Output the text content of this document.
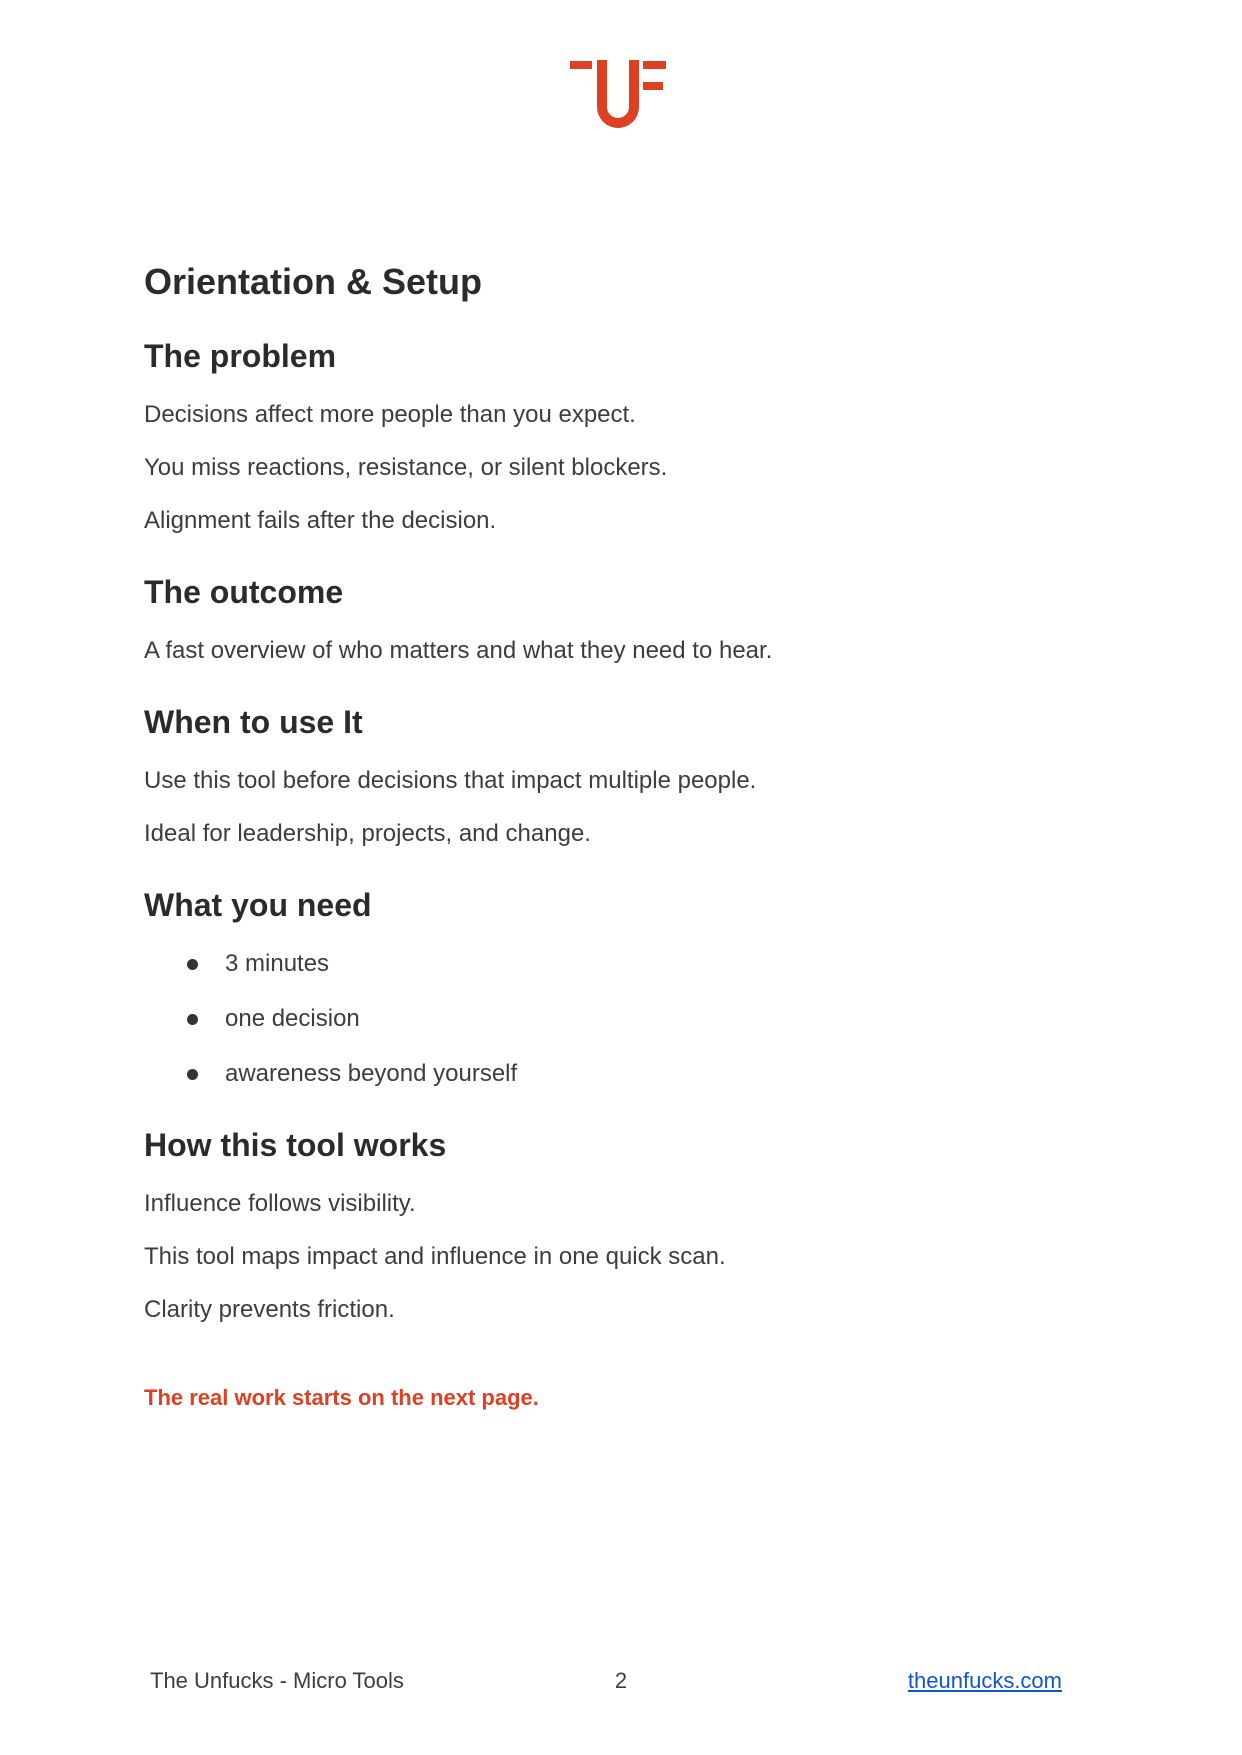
Orientation & Setup
The problem

Decisions affect more people than you expect.

You miss reactions, resistance, or silent blockers.

Alignment fails after the decision.

The outcome

A fast overview of who matters and what they need to hear.

When to use It

Use this tool before decisions that impact multiple people.

Ideal for leadership, projects, and change.

What you need
3 minutes
one decision
awareness beyond yourself
How this tool works

Influence follows visibility.

This tool maps impact and influence in one quick scan.

Clarity prevents friction.

The real work starts on the next page.

The Unfucks - Micro Tools	2	theunfucks.com
